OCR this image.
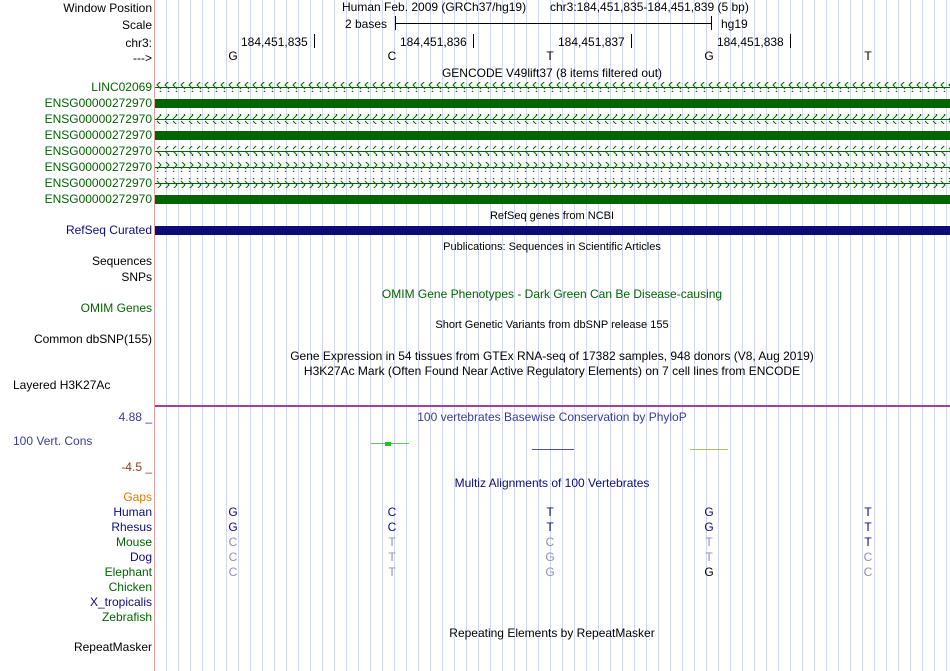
Window Position
Scale
chr3:
--->
LINC02069
ENSG00000272970
ENSG00000272970
ENSG00000272970
ENSG00000272970
ENSG00000272970
ENSG00000272970
ENSG00000272970
RefSeq Curated
Sequences
SNPs
OMIM Genes
Common dbSNP(155)
Layered H3K27Ac
4.88 _
100 Vert. Cons
-4.5 _
Gaps
Human
Rhesus
Mouse
Dog
Elephant
Chicken
X_tropicalis
Zebrafish
RepeatMasker
Human Feb. 2009 (GRCh37/hg19) chr3:184,451,835-184,451,839 (5 bp)
2 bases	hg19
184,451,835	184,451,836	184,451,837	184,451,838
G	C	T	G	T
GENCODE V49lift37 (8 items filtered out)
RefSeq genes from NCBI
Publications: Sequences in Scientific Articles
OMIM Gene Phenotypes - Dark Green Can Be Disease-causing
Short Genetic Variants from dbSNP release 155
Gene Expression in 54 tissues from GTEx RNA-seq of 17382 samples, 948 donors (V8, Aug 2019)
H3K27Ac Mark (Often Found Near Active Regulatory Elements) on 7 cell lines from ENCODE
100 vertebrates Basewise Conservation by PhyloP
Multiz Alignments of 100 Vertebrates
G	C	T	G	T
G	C	T	G	T
C	T	C	T	T
C	T	G	T	C
C	T	G	G	C
Repeating Elements by RepeatMasker
